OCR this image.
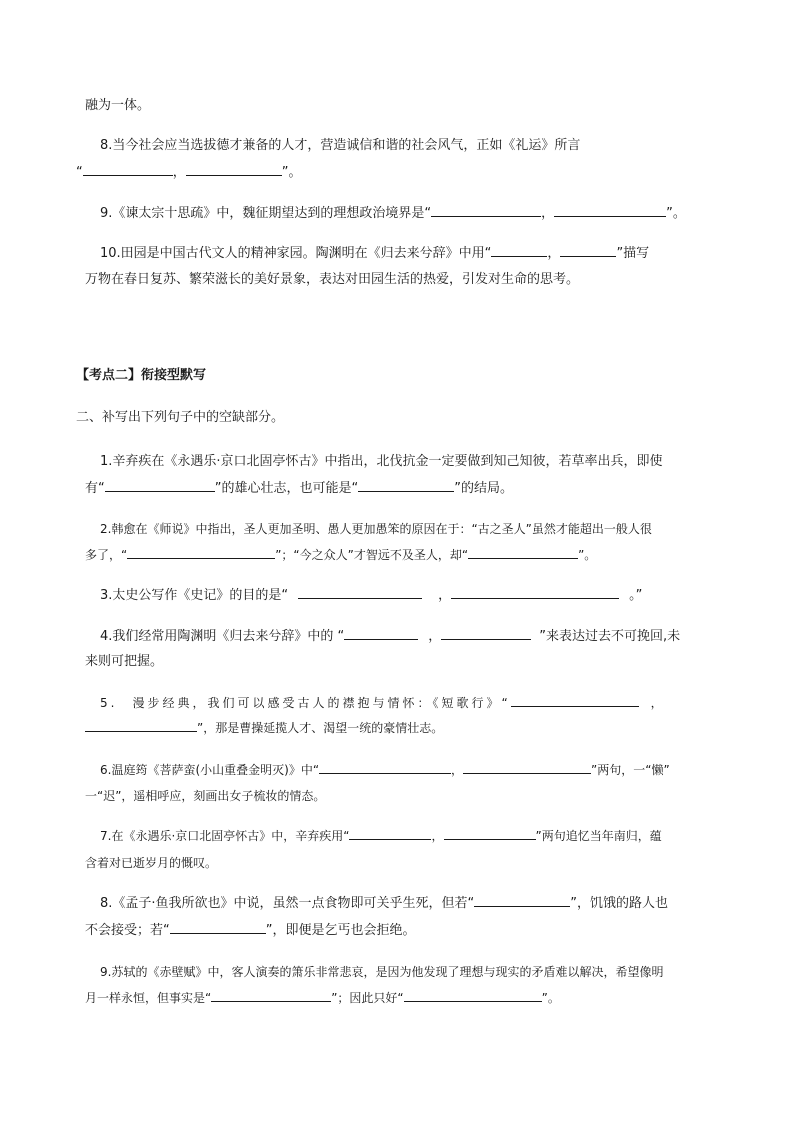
融为一体。
8.当今社会应当选拔德才兼备的人才，营造诚信和谐的社会风气，正如《礼运》所言
“	，	”。
9.《谏太宗十思疏》中，魏征期望达到的理想政治境界是“	，	”。
10.田园是中国古代文人的精神家园。陶渊明在《归去来兮辞》中用“	，	”描写
万物在春日复苏、繁荣滋长的美好景象，表达对田园生活的热爱，引发对生命的思考。
【考点二】衔接型默写
二、补写出下列句子中的空缺部分。
1.辛弃疾在《永遇乐·京口北固亭怀古》中指出，北伐抗金一定要做到知己知彼，若草率出兵，即使
有“	”的雄心壮志，也可能是“	”的结局。
2.韩愈在《师说》中指出，圣人更加圣明、愚人更加愚笨的原因在于：“古之圣人”虽然才能超出一般人很
多了，“	”；“今之众人”才智远不及圣人，却“	”。
3.太史公写作《史记》的目的是“	，	。”
4.我们经常用陶渊明《归去来兮辞》中的 “	，	”来表达过去不可挽回,未
来则可把握。
5.　漫步经典，我们可以感受古人的襟抱与情怀：《短歌行》“	，
”，那是曹操延揽人才、渴望一统的豪情壮志。
6.温庭筠《菩萨蛮(小山重叠金明灭)》中“	，	”两句，一“懒”
一“迟”，遥相呼应，刻画出女子梳妆的情态。
7.在《永遇乐·京口北固亭怀古》中，辛弃疾用“	，	”两句追忆当年南归，蕴
含着对已逝岁月的慨叹。
8.《孟子·鱼我所欲也》中说，虽然一点食物即可关乎生死，但若“	”，饥饿的路人也
不会接受；若“	”，即便是乞丐也会拒绝。
9.苏轼的《赤壁赋》中，客人演奏的箫乐非常悲哀，是因为他发现了理想与现实的矛盾难以解决，希望像明
月一样永恒，但事实是“	”；因此只好“	”。
